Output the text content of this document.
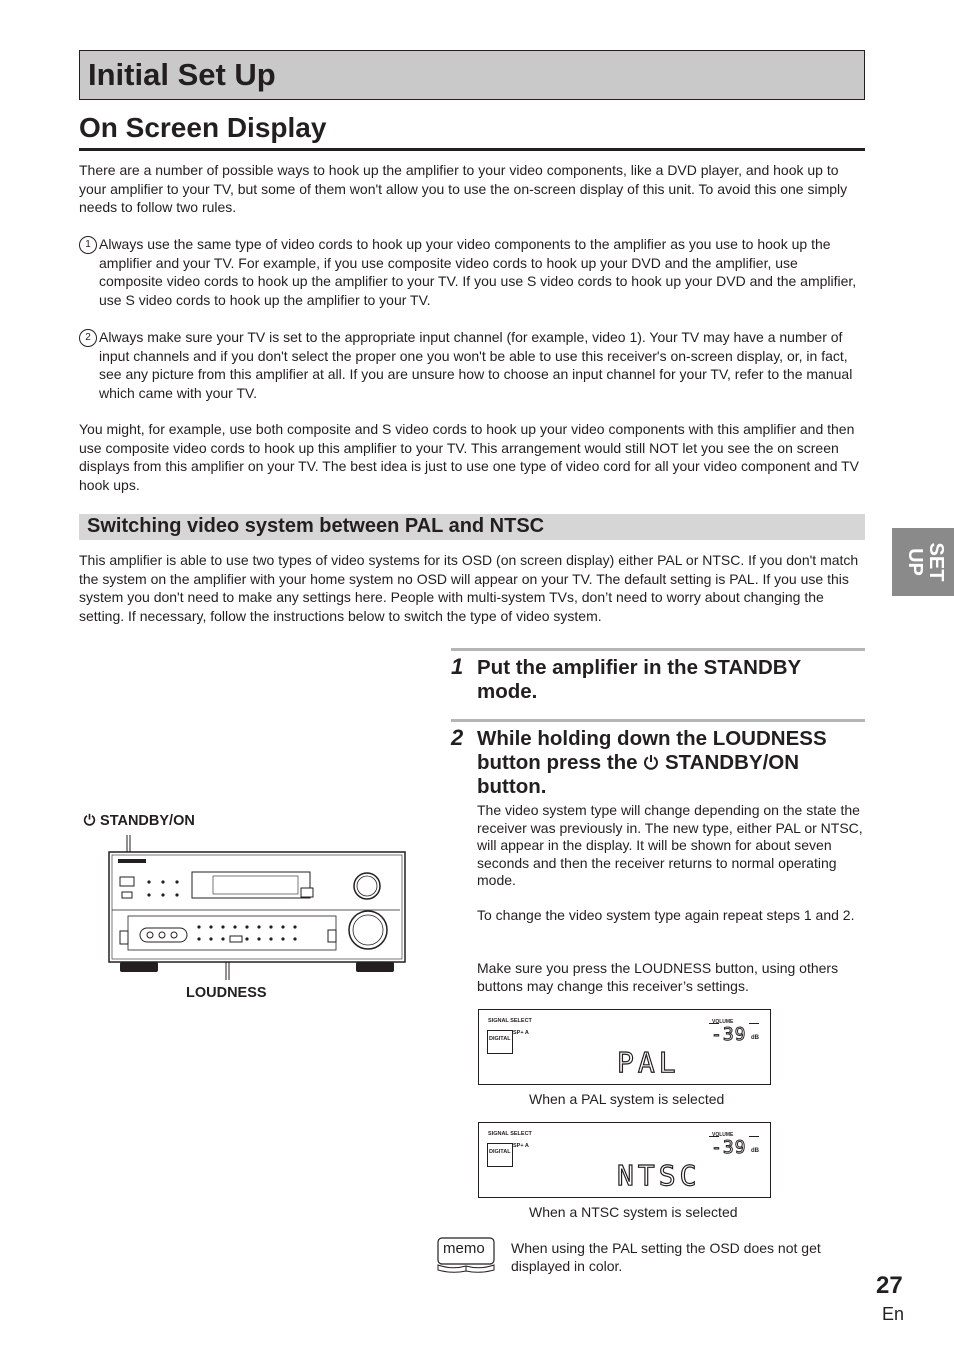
Initial Set Up
On Screen Display
There are a number of possible ways to hook up the amplifier to your video components, like a DVD player, and hook up to your amplifier to your TV, but some of them won't allow you to use the on-screen display of this unit. To avoid this one simply needs to follow two rules.
1 Always use the same type of video cords to hook up your video components to the amplifier as you use to hook up the amplifier and your TV. For example, if you use composite video cords to hook up your DVD and the amplifier, use composite video cords to hook up the amplifier to your TV. If you use S video cords to hook up your DVD and the amplifier, use S video cords to hook up the amplifier to your TV.
2 Always make sure your TV is set to the appropriate input channel (for example, video 1). Your TV may have a number of input channels and if you don't select the proper one you won't be able to use this receiver's on-screen display, or, in fact, see any picture from this amplifier at all. If you are unsure how to choose an input channel for your TV, refer to the manual which came with your TV.
You might, for example, use both composite and S video cords to hook up your video components with this amplifier and then use composite video cords to hook up this amplifier to your TV. This arrangement would still NOT let you see the on screen displays from this amplifier on your TV. The best idea is just to use one type of video cord for all your video component and TV hook ups.
Switching video system between PAL and NTSC
This amplifier is able to use two types of video systems for its OSD (on screen display) either PAL or NTSC. If you don't match the system on the amplifier with your home system no OSD will appear on your TV. The default setting is PAL. If you use this system you don't need to make any settings here. People with multi-system TVs, don’t need to worry about changing the setting. If necessary, follow the instructions below to switch the type of video system.
SET UP
1 Put the amplifier in the STANDBY mode.
2 While holding down the LOUDNESS button press the STANDBY/ON button.
The video system type will change depending on the state the receiver was previously in. The new type, either PAL or NTSC, will appear in the display. It will be shown for about seven seconds and then the receiver returns to normal operating mode.
To change the video system type again repeat steps 1 and 2.
Make sure you press the LOUDNESS button, using others buttons may change this receiver’s settings.
STANDBY/ON
LOUDNESS
SIGNAL SELECT
DIGITAL
SP+ A
VOLUME
-39 dB
PAL
When a PAL system is selected
SIGNAL SELECT
DIGITAL
SP+ A
VOLUME
-39 dB
NTSC
When a NTSC system is selected
memo When using the PAL setting the OSD does not get displayed in color.
27
En
